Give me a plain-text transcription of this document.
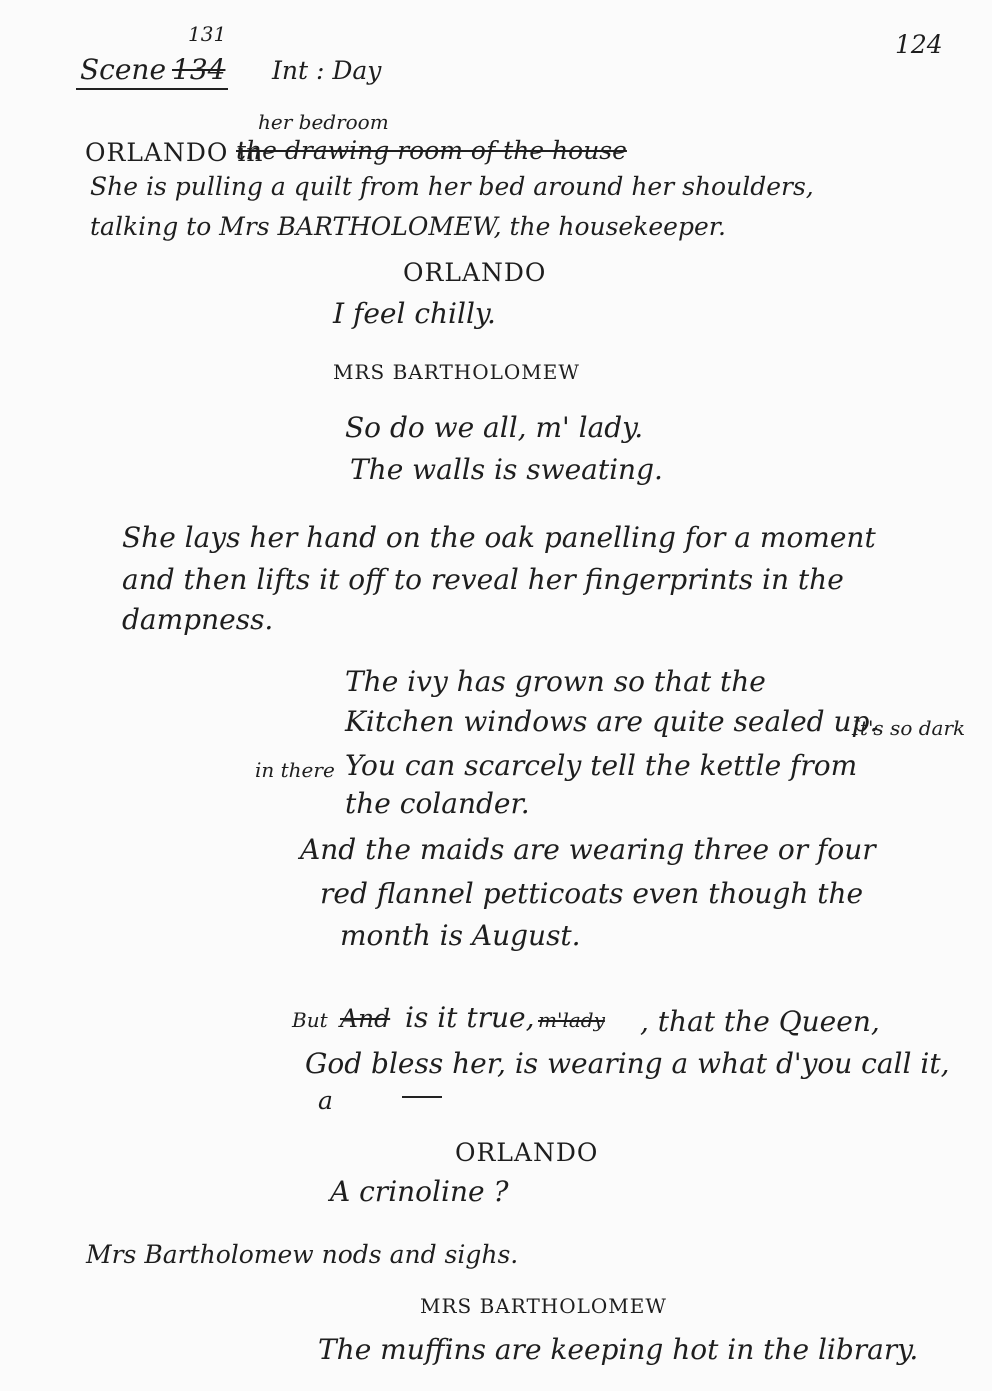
124
Scene 134
131
Int : Day
her bedroom
ORLANDO in
the drawing room of the house
She is pulling a quilt from her bed around her shoulders,
talking to Mrs BARTHOLOMEW, the housekeeper.
ORLANDO
I feel chilly.
MRS BARTHOLOMEW
So do we all, m' lady.
The walls is sweating.
She lays her hand on the oak panelling for a moment
and then lifts it off to reveal her fingerprints in the
dampness.
The ivy has grown so that the
Kitchen windows are quite sealed up.
It's so dark
in there You can scarcely tell the kettle from
the colander.
And the maids are wearing three or four
red flannel petticoats even though the
month is August.
But And is it true, m'lady , that the Queen,
God bless her, is wearing a what d'you call it,
a
ORLANDO
A crinoline ?
Mrs Bartholomew nods and sighs.
MRS BARTHOLOMEW
The muffins are keeping hot in the library.
